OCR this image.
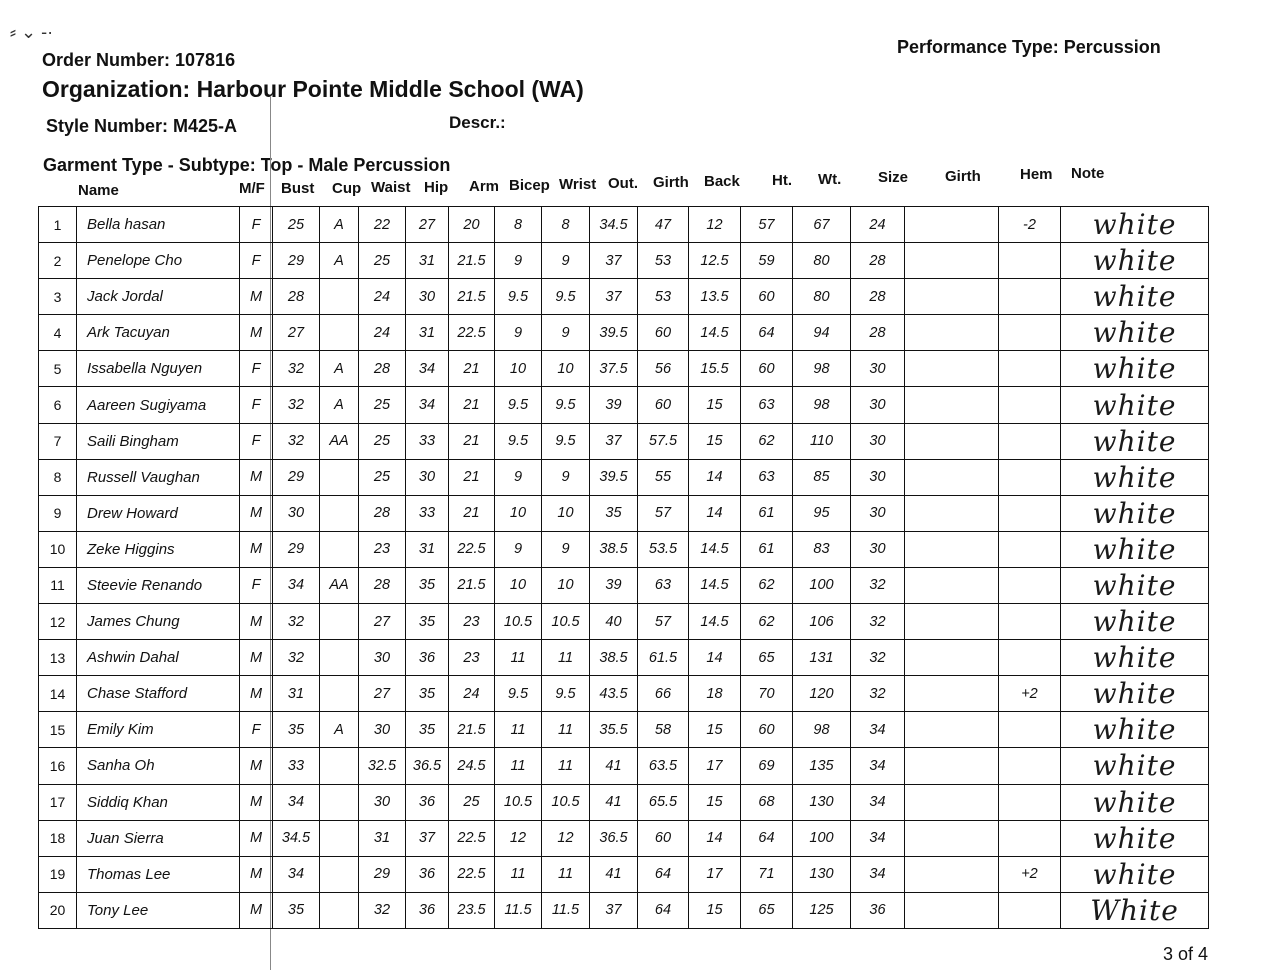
⸗ ⌄ ‐·
Order Number: 107816
Performance Type: Percussion
Organization: Harbour Pointe Middle School (WA)
Style Number: M425-A	Descr.:
Garment Type - Subtype: Top - Male Percussion
Name	M/F Bust Cup Waist Hip Arm Bicep Wrist Out. Girth Back Ht. Wt. Size Girth	Hem Note
1	Bella hasan	F	25	A	22	27	20	8	8	34.5	47	12	57	67	24		-2	white
2	Penelope Cho	F	29	A	25	31	21.5	9	9	37	53	12.5	59	80	28			white
3	Jack Jordal	M	28		24	30	21.5	9.5	9.5	37	53	13.5	60	80	28			white
4	Ark Tacuyan	M	27		24	31	22.5	9	9	39.5	60	14.5	64	94	28			white
5	Issabella Nguyen	F	32	A	28	34	21	10	10	37.5	56	15.5	60	98	30			white
6	Aareen Sugiyama	F	32	A	25	34	21	9.5	9.5	39	60	15	63	98	30			white
7	Saili Bingham	F	32	AA	25	33	21	9.5	9.5	37	57.5	15	62	110	30			white
8	Russell Vaughan	M	29		25	30	21	9	9	39.5	55	14	63	85	30			white
9	Drew Howard	M	30		28	33	21	10	10	35	57	14	61	95	30			white
10	Zeke Higgins	M	29		23	31	22.5	9	9	38.5	53.5	14.5	61	83	30			white
11	Steevie Renando	F	34	AA	28	35	21.5	10	10	39	63	14.5	62	100	32			white
12	James Chung	M	32		27	35	23	10.5	10.5	40	57	14.5	62	106	32			white
13	Ashwin Dahal	M	32		30	36	23	11	11	38.5	61.5	14	65	131	32			white
14	Chase Stafford	M	31		27	35	24	9.5	9.5	43.5	66	18	70	120	32		+2	white
15	Emily Kim	F	35	A	30	35	21.5	11	11	35.5	58	15	60	98	34			white
16	Sanha Oh	M	33		32.5	36.5	24.5	11	11	41	63.5	17	69	135	34			white
17	Siddiq Khan	M	34		30	36	25	10.5	10.5	41	65.5	15	68	130	34			white
18	Juan Sierra	M	34.5		31	37	22.5	12	12	36.5	60	14	64	100	34			white
19	Thomas Lee	M	34		29	36	22.5	11	11	41	64	17	71	130	34		+2	white
20	Tony Lee	M	35		32	36	23.5	11.5	11.5	37	64	15	65	125	36			White
3 of 4
